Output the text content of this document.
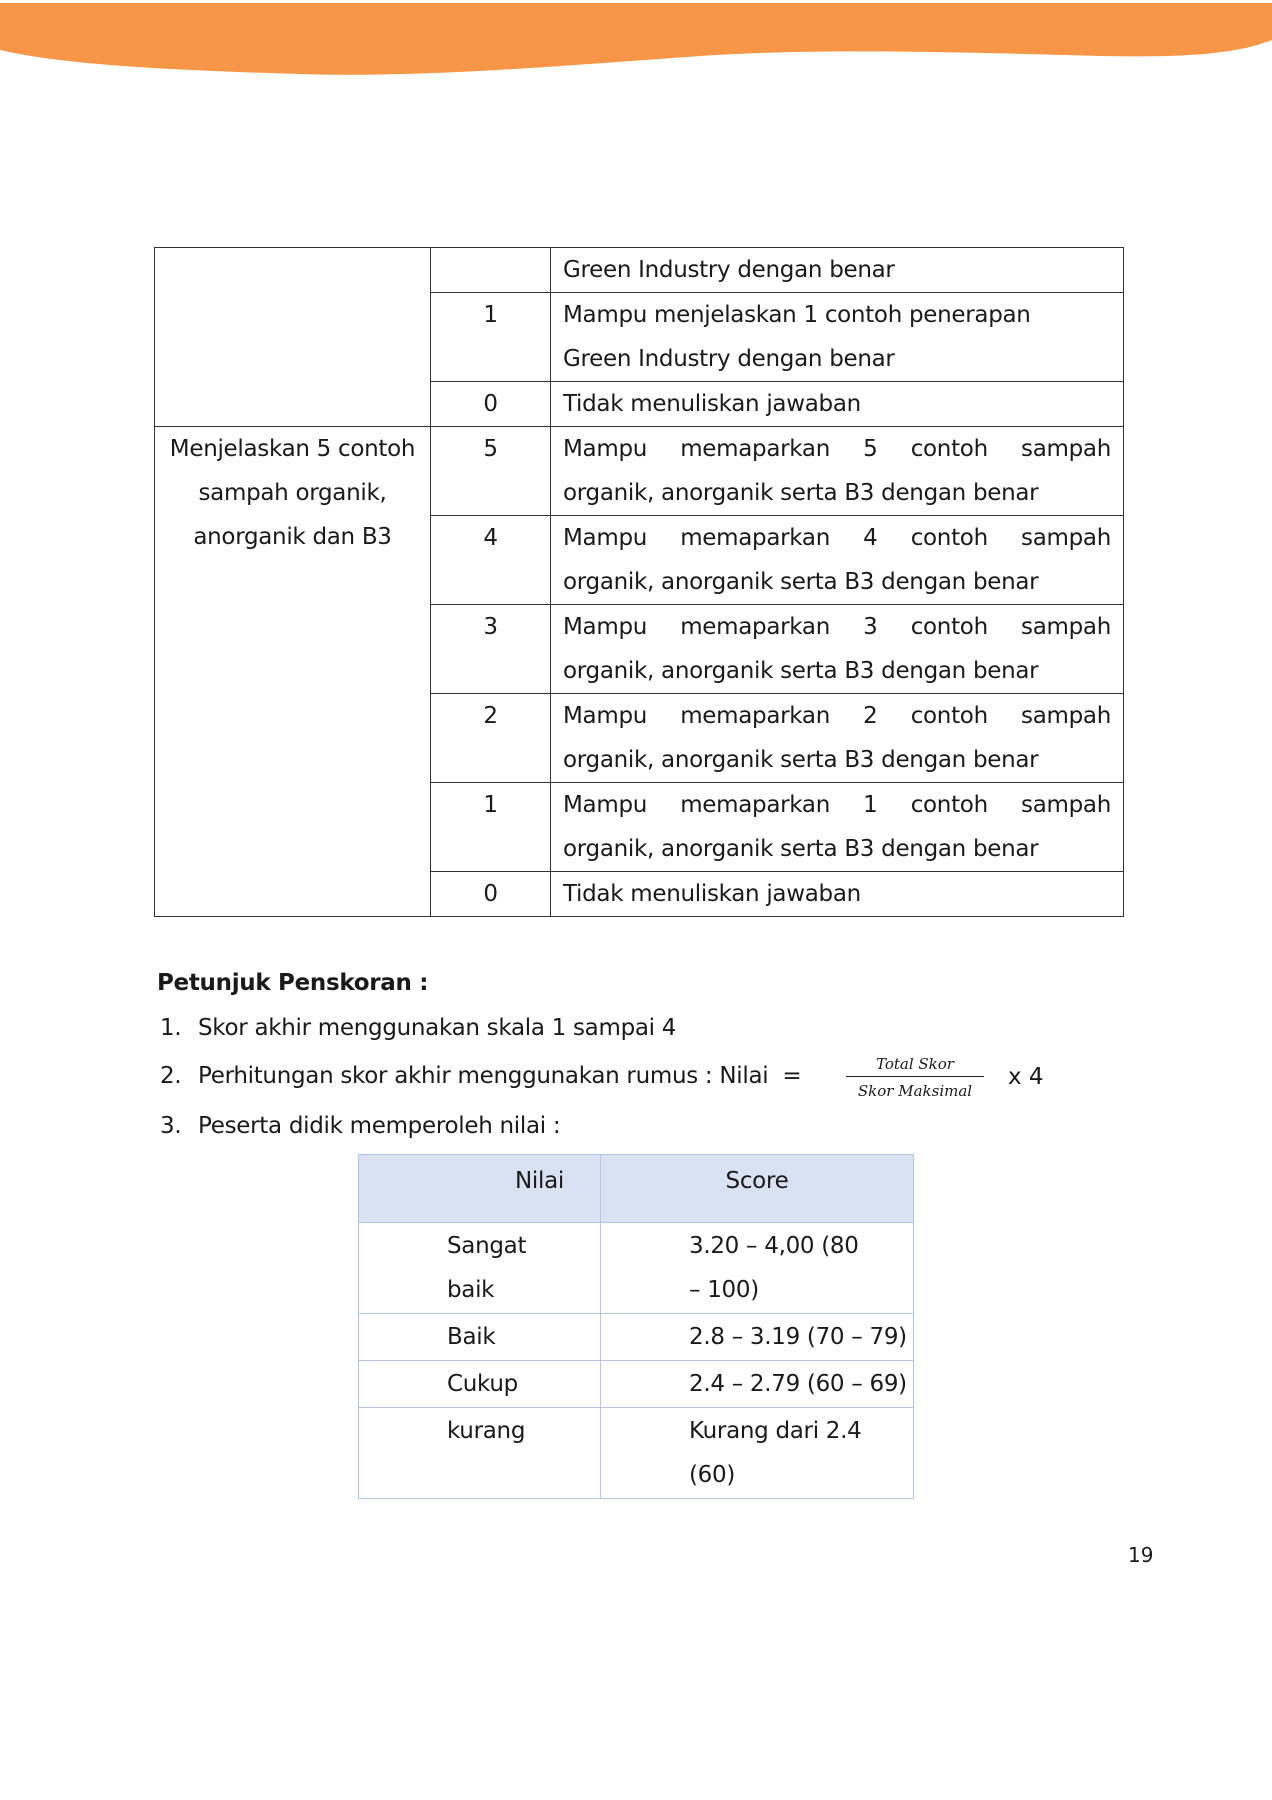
		Green Industry dengan benar
	1	Mampu menjelaskan 1 contoh penerapan
Green Industry dengan benar

	0	Tidak menuliskan jawaban
Menjelaskan 5 contoh sampah organik, anorganik dan B3	5	Mampu memaparkan 5 contoh sampah
organik, anorganik serta B3 dengan benar

	4	Mampu memaparkan 4 contoh sampah
organik, anorganik serta B3 dengan benar

	3	Mampu memaparkan 3 contoh sampah
organik, anorganik serta B3 dengan benar

	2	Mampu memaparkan 2 contoh sampah
organik, anorganik serta B3 dengan benar

	1	Mampu memaparkan 1 contoh sampah
organik, anorganik serta B3 dengan benar

	0	Tidak menuliskan jawaban
Petunjuk Penskoran :
1. Skor akhir menggunakan skala 1 sampai 4
2. Perhitungan skor akhir menggunakan rumus : Nilai  =	Total Skor
Skor Maksimal
x 4
3. Peserta didik memperoleh nilai :
Nilai	Score
Sangat baik	3.20 – 4,00 (80 – 100)
Baik	2.8 – 3.19 (70 – 79)
Cukup	2.4 – 2.79 (60 – 69)
kurang	Kurang dari 2.4 (60)
19
